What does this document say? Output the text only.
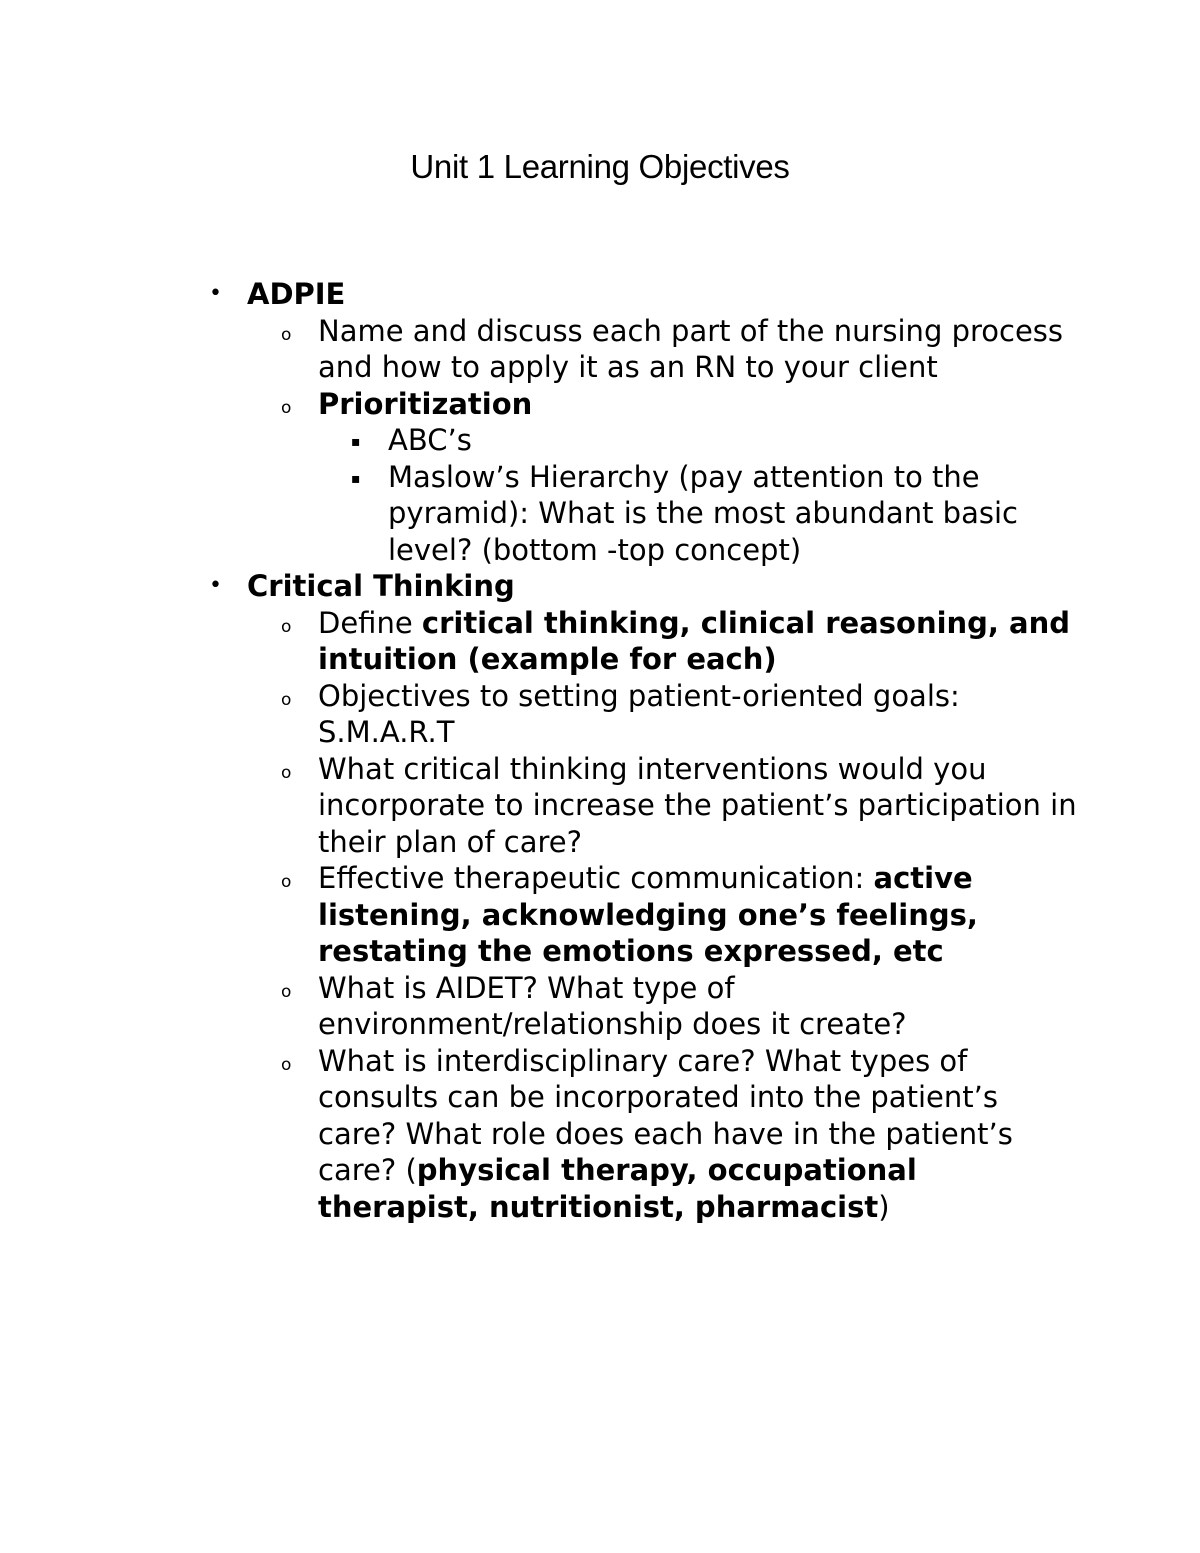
Unit 1 Learning Objectives
• ADPIE
o Name and discuss each part of the nursing process and how to apply it as an RN to your client
o Prioritization
▪ ABC’s
▪ Maslow’s Hierarchy (pay attention to the pyramid): What is the most abundant basic level? (bottom -top concept)
• Critical Thinking
o Define critical thinking, clinical reasoning, and intuition (example for each)
o Objectives to setting patient-oriented goals: S.M.A.R.T
o What critical thinking interventions would you incorporate to increase the patient’s participation in their plan of care?
o Effective therapeutic communication: active listening, acknowledging one’s feelings, restating the emotions expressed, etc
o What is AIDET? What type of environment/relationship does it create?
o What is interdisciplinary care? What types of consults can be incorporated into the patient’s care? What role does each have in the patient’s care? (physical therapy, occupational therapist, nutritionist, pharmacist)
